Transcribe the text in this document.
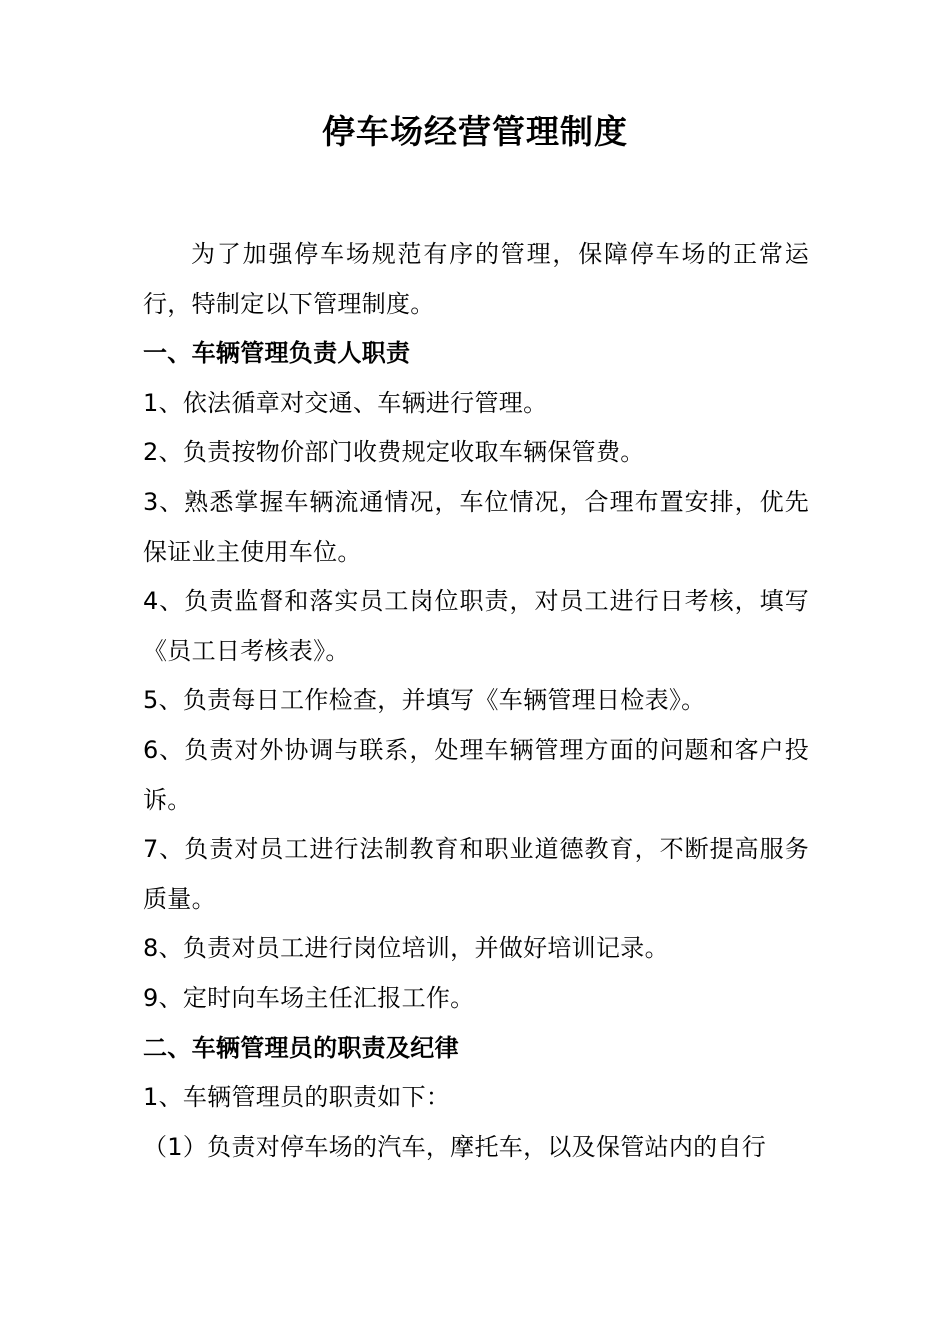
停车场经营管理制度

为了加强停车场规范有序的管理，保障停车场的正常运行，特制定以下管理制度。

一、车辆管理负责人职责

1、依法循章对交通、车辆进行管理。

2、负责按物价部门收费规定收取车辆保管费。

3、熟悉掌握车辆流通情况，车位情况，合理布置安排，优先保证业主使用车位。

4、负责监督和落实员工岗位职责，对员工进行日考核，填写《员工日考核表》。

5、负责每日工作检查，并填写《车辆管理日检表》。

6、负责对外协调与联系，处理车辆管理方面的问题和客户投诉。

7、负责对员工进行法制教育和职业道德教育，不断提高服务质量。

8、负责对员工进行岗位培训，并做好培训记录。

9、定时向车场主任汇报工作。

二、车辆管理员的职责及纪律

1、车辆管理员的职责如下：

（1）负责对停车场的汽车，摩托车，以及保管站内的自行
